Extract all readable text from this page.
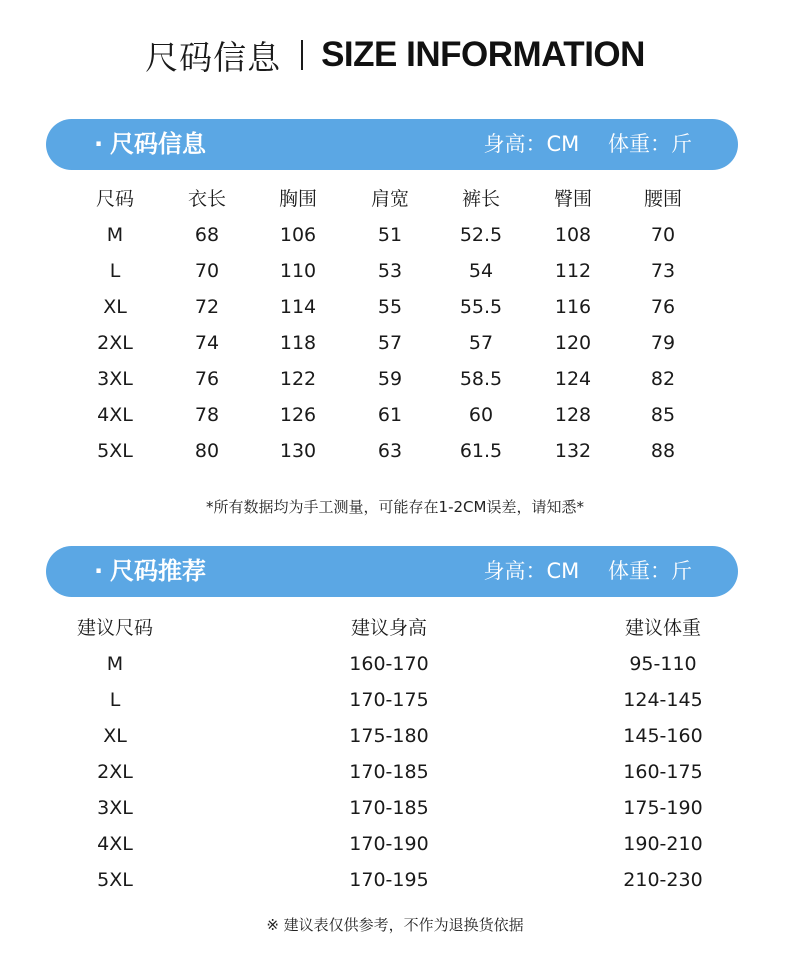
尺码信息 SIZE INFORMATION
· 尺码信息	身高：CM 体重：斤
尺码	衣长	胸围	肩宽	裤长	臀围	腰围
M	68	106	51	52.5	108	70
L	70	110	53	54	112	73
XL	72	114	55	55.5	116	76
2XL	74	118	57	57	120	79
3XL	76	122	59	58.5	124	82
4XL	78	126	61	60	128	85
5XL	80	130	63	61.5	132	88
*所有数据均为手工测量，可能存在1-2CM误差，请知悉*
· 尺码推荐	身高：CM 体重：斤
建议尺码	建议身高	建议体重
M	160-170	95-110
L	170-175	124-145
XL	175-180	145-160
2XL	170-185	160-175
3XL	170-185	175-190
4XL	170-190	190-210
5XL	170-195	210-230
※ 建议表仅供参考，不作为退换货依据
